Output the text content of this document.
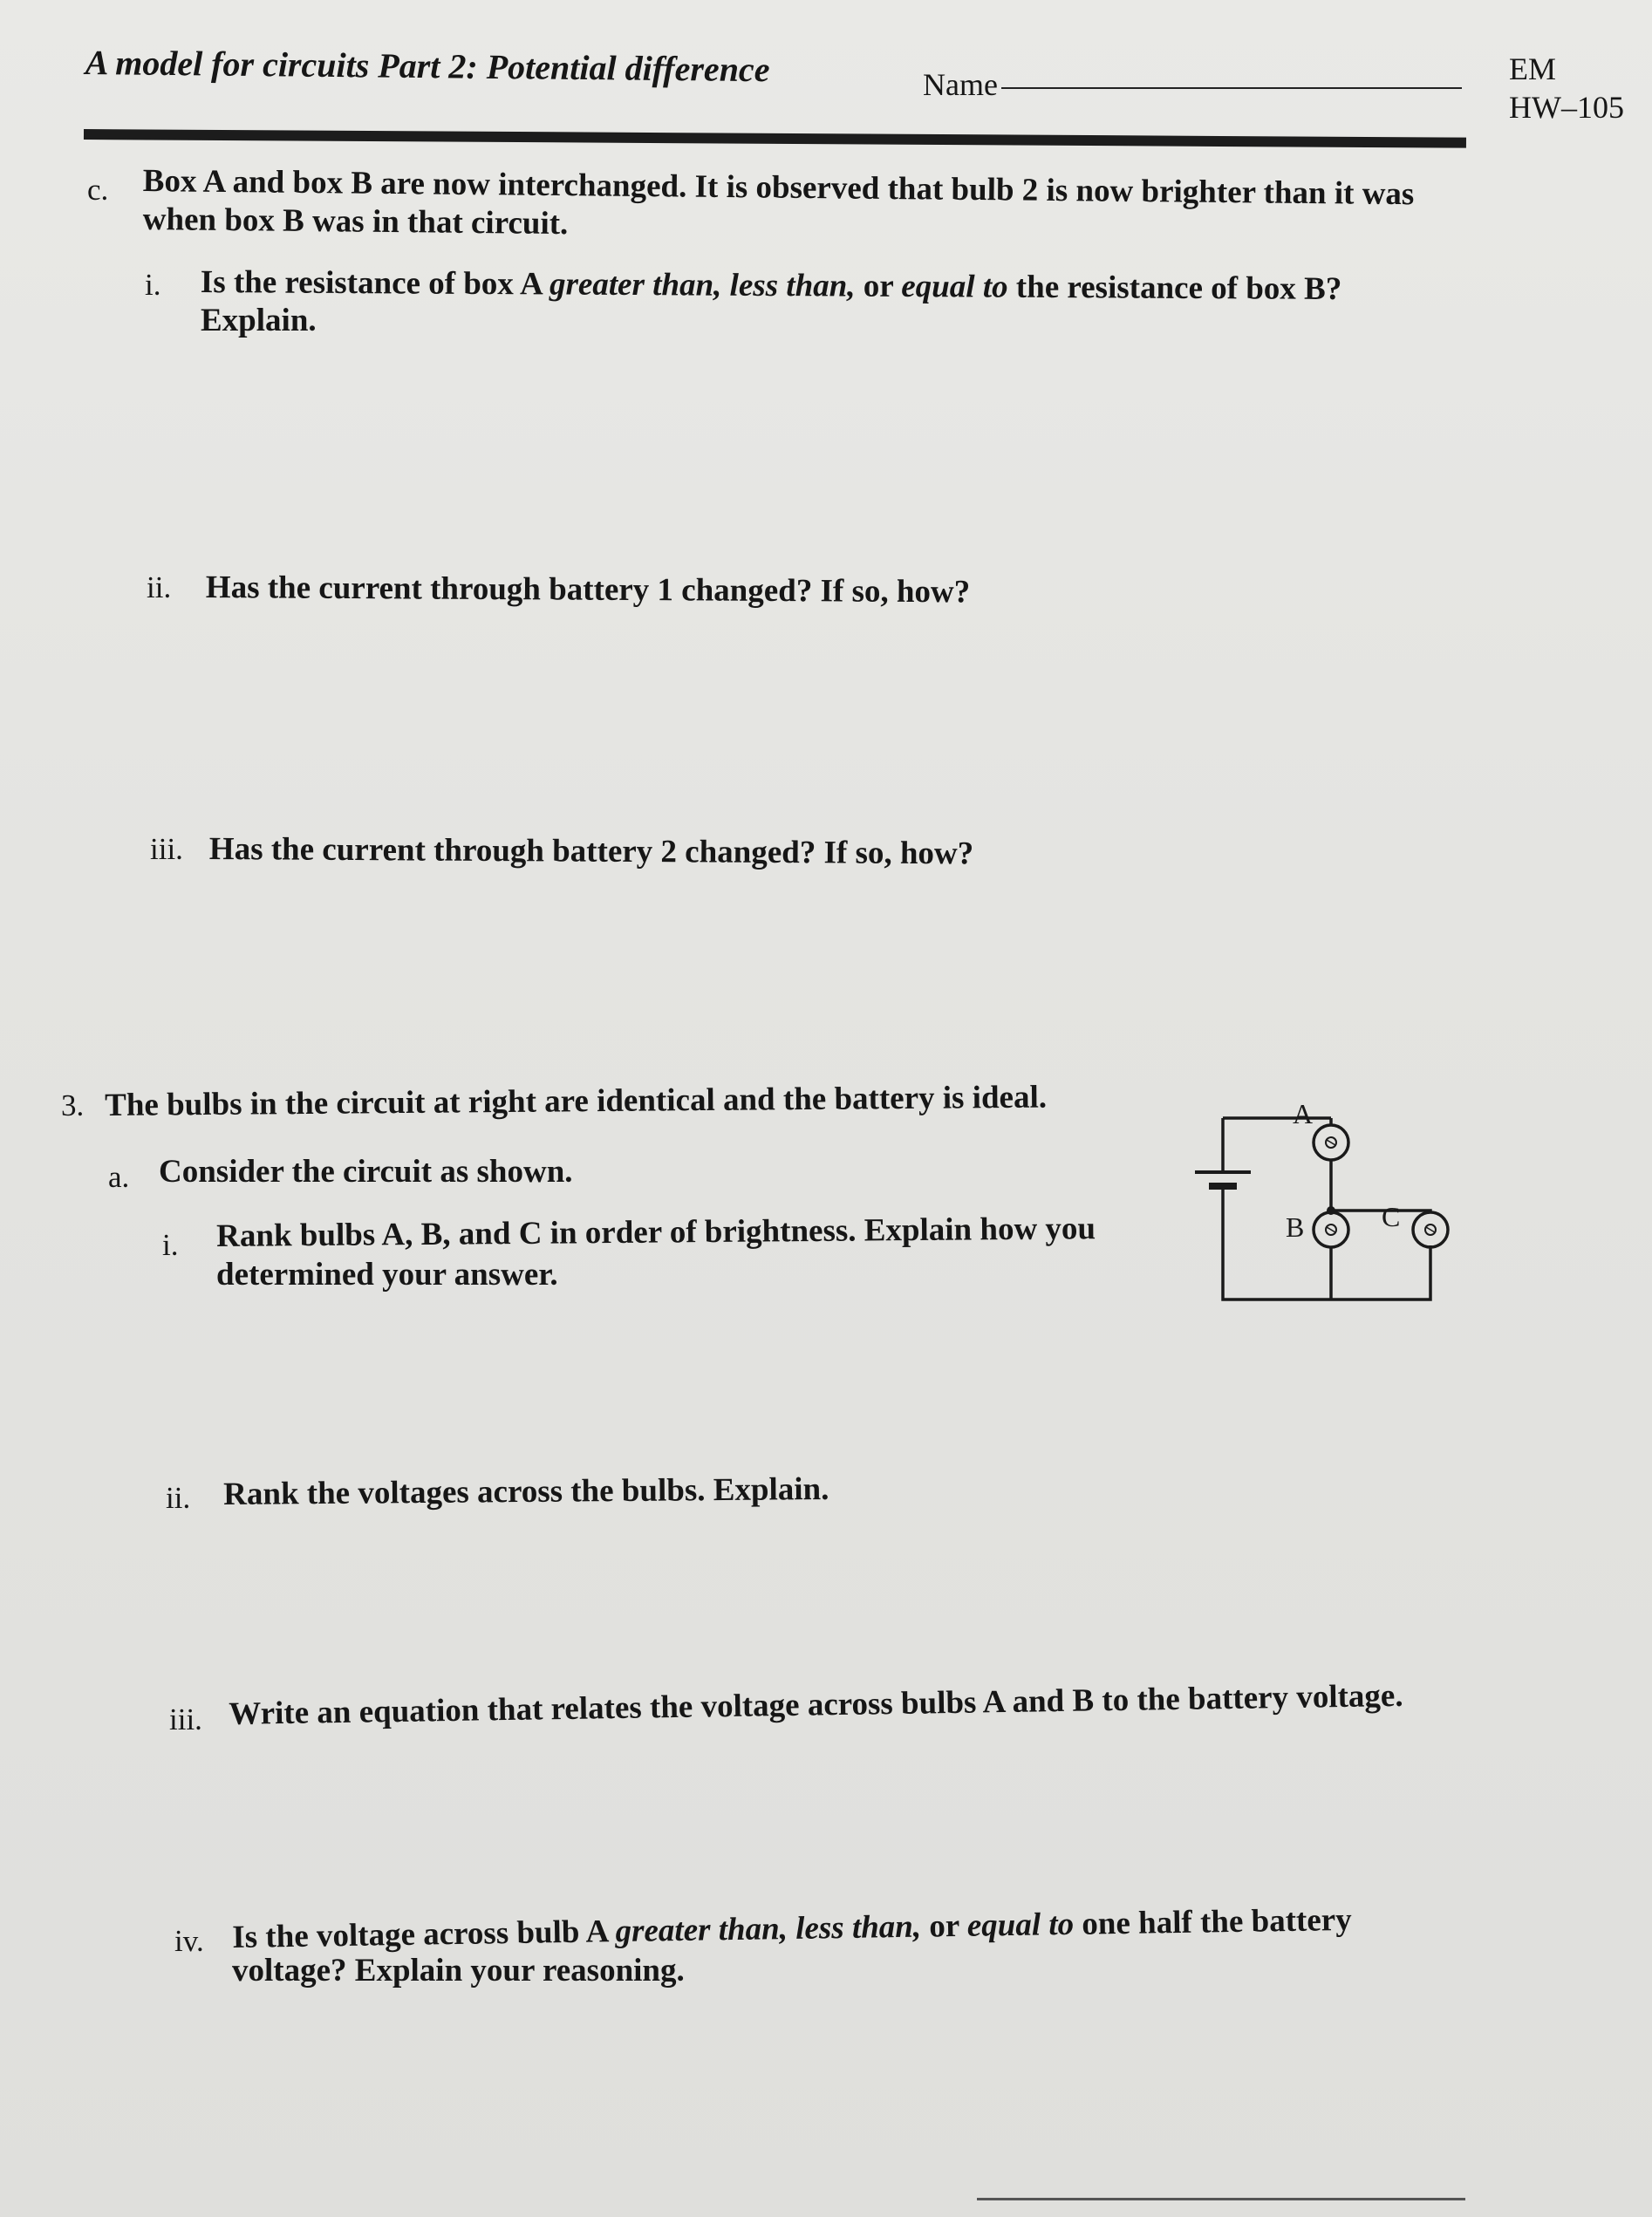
A model for circuits Part 2: Potential difference	Name	EM
HW–105

c. Box A and box B are now interchanged. It is observed that bulb 2 is now brighter than it was
when box B was in that circuit.
i. Is the resistance of box A greater than, less than, or equal to the resistance of box B?
Explain.
ii. Has the current through battery 1 changed? If so, how?
iii. Has the current through battery 2 changed? If so, how?
3. The bulbs in the circuit at right are identical and the battery is ideal.
a. Consider the circuit as shown.
i. Rank bulbs A, B, and C in order of brightness. Explain how you
determined your answer.
ii. Rank the voltages across the bulbs. Explain.
iii. Write an equation that relates the voltage across bulbs A and B to the battery voltage.
iv. Is the voltage across bulb A greater than, less than, or equal to one half the battery
voltage? Explain your reasoning.
A
B	C
